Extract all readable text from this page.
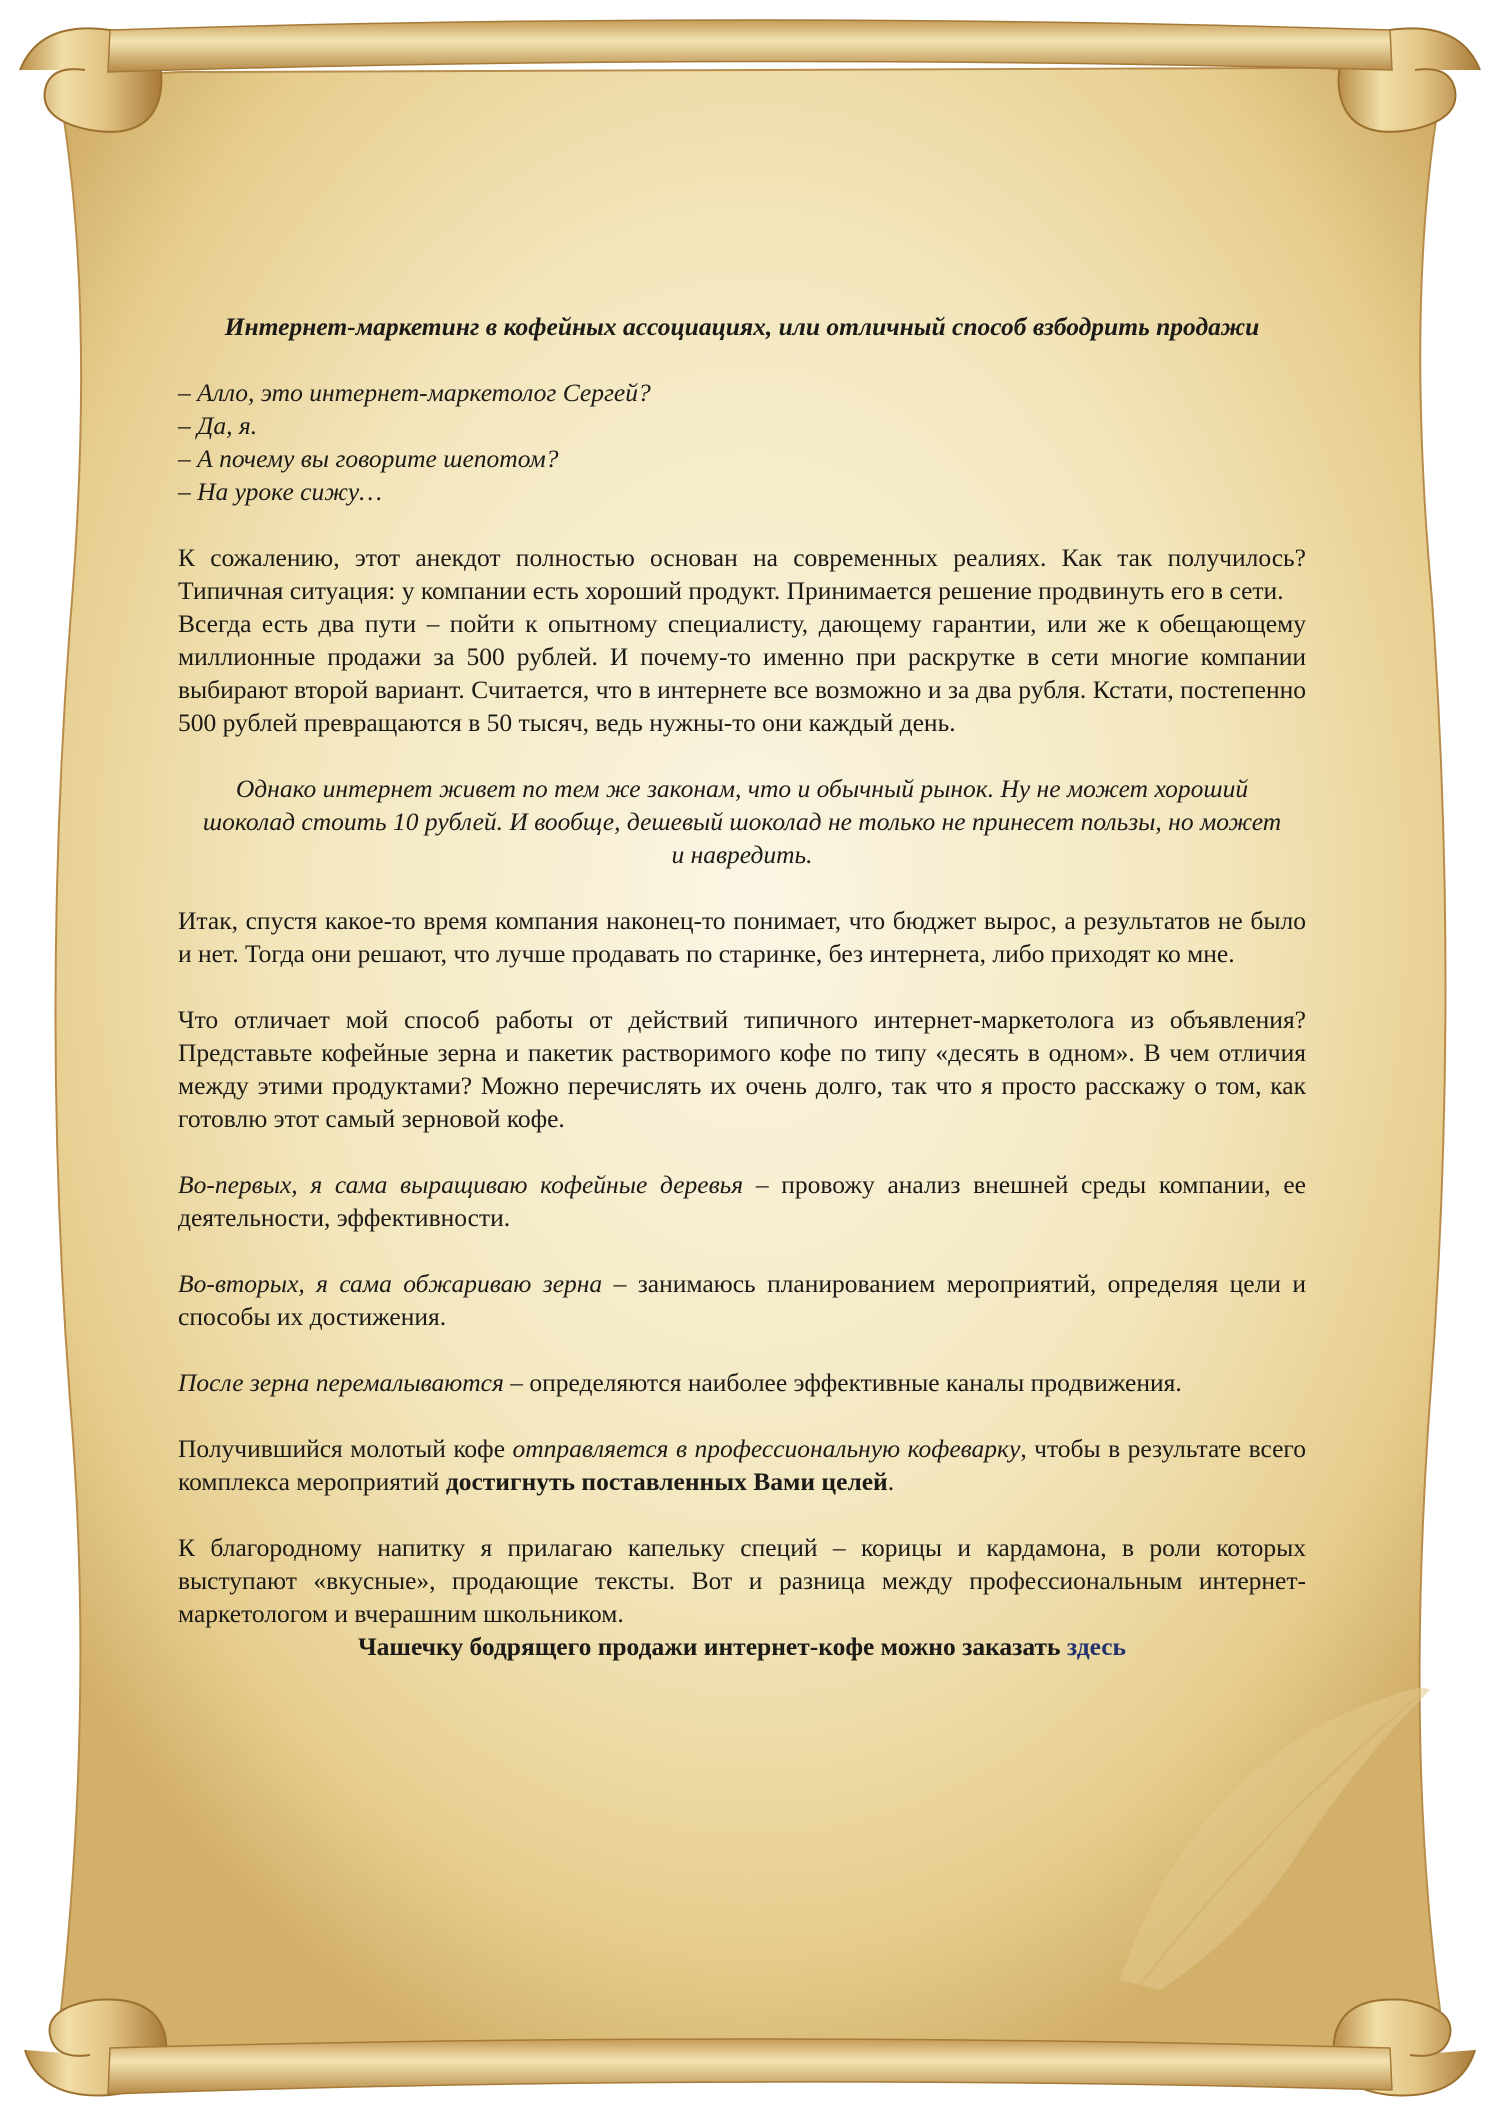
Интернет-маркетинг в кофейных ассоциациях, или отличный способ взбодрить продажи
– Алло, это интернет-маркетолог Сергей?
– Да, я.
– А почему вы говорите шепотом?
– На уроке сижу…

К сожалению, этот анекдот полностью основан на современных реалиях. Как так получилось? Типичная ситуация: у компании есть хороший продукт. Принимается решение продвинуть его в сети.

Всегда есть два пути – пойти к опытному специалисту, дающему гарантии, или же к обещающему миллионные продажи за 500 рублей. И почему-то именно при раскрутке в сети многие компании выбирают второй вариант. Считается, что в интернете все возможно и за два рубля. Кстати, постепенно 500 рублей превращаются в 50 тысяч, ведь нужны-то они каждый день.

Однако интернет живет по тем же законам, что и обычный рынок. Ну не может хороший шоколад стоить 10 рублей. И вообще, дешевый шоколад не только не принесет пользы, но может и навредить.

Итак, спустя какое-то время компания наконец-то понимает, что бюджет вырос, а результатов не было и нет. Тогда они решают, что лучше продавать по старинке, без интернета, либо приходят ко мне.

Что отличает мой способ работы от действий типичного интернет-маркетолога из объявления? Представьте кофейные зерна и пакетик растворимого кофе по типу «десять в одном». В чем отличия между этими продуктами? Можно перечислять их очень долго, так что я просто расскажу о том, как готовлю этот самый зерновой кофе.

Во-первых, я сама выращиваю кофейные деревья – провожу анализ внешней среды компании, ее деятельности, эффективности.

Во-вторых, я сама обжариваю зерна – занимаюсь планированием мероприятий, определяя цели и способы их достижения.

После зерна перемалываются – определяются наиболее эффективные каналы продвижения.

Получившийся молотый кофе отправляется в профессиональную кофеварку, чтобы в результате всего комплекса мероприятий достигнуть поставленных Вами целей.

К благородному напитку я прилагаю капельку специй – корицы и кардамона, в роли которых выступают «вкусные», продающие тексты. Вот и разница между профессиональным интернет-маркетологом и вчерашним школьником.

Чашечку бодрящего продажи интернет-кофе можно заказать здесь
